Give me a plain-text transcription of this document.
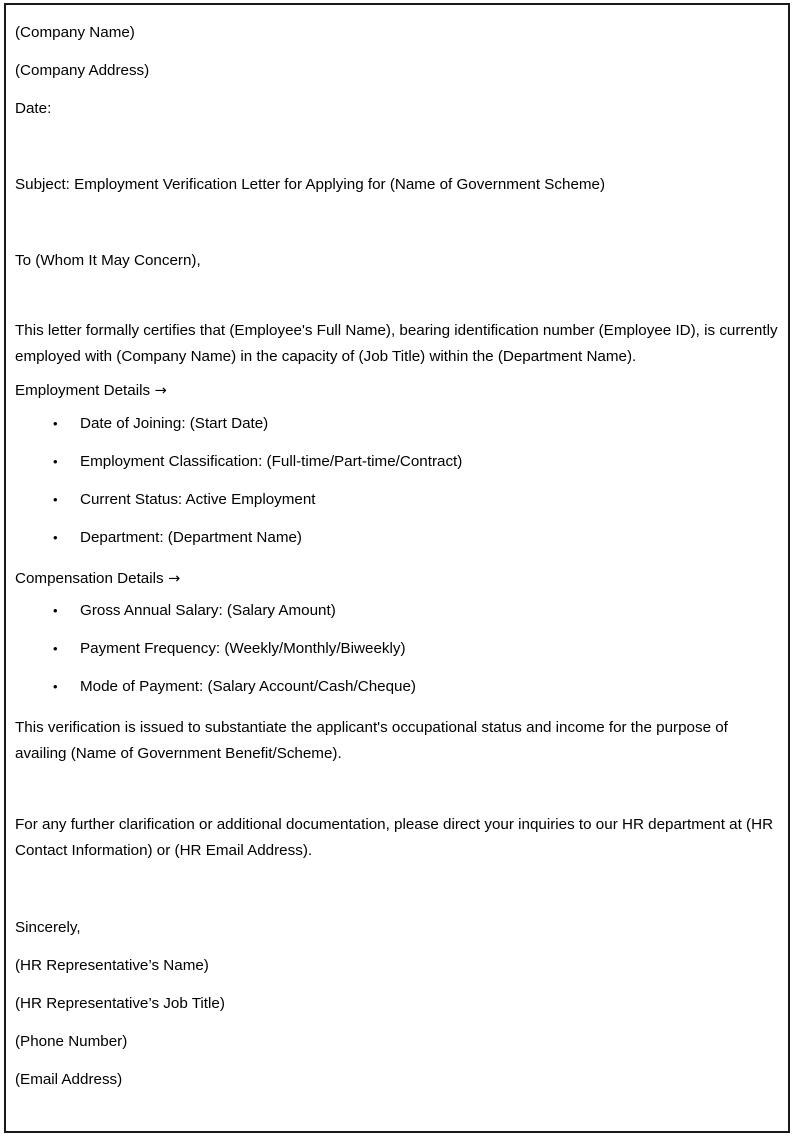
(Company Name)
(Company Address)
Date:
Subject: Employment Verification Letter for Applying for (Name of Government Scheme)
To (Whom It May Concern),

This letter formally certifies that (Employee's Full Name), bearing identification number (Employee ID), is currently employed with (Company Name) in the capacity of (Job Title) within the (Department Name).

Employment Details →
• Date of Joining: (Start Date)
• Employment Classification: (Full-time/Part-time/Contract)
• Current Status: Active Employment
• Department: (Department Name)
Compensation Details →
• Gross Annual Salary: (Salary Amount)
• Payment Frequency: (Weekly/Monthly/Biweekly)
• Mode of Payment: (Salary Account/Cash/Cheque)

This verification is issued to substantiate the applicant's occupational status and income for the purpose of availing (Name of Government Benefit/Scheme).

For any further clarification or additional documentation, please direct your inquiries to our HR department at (HR Contact Information) or (HR Email Address).

Sincerely,
(HR Representative’s Name)
(HR Representative’s Job Title)
(Phone Number)
(Email Address)
